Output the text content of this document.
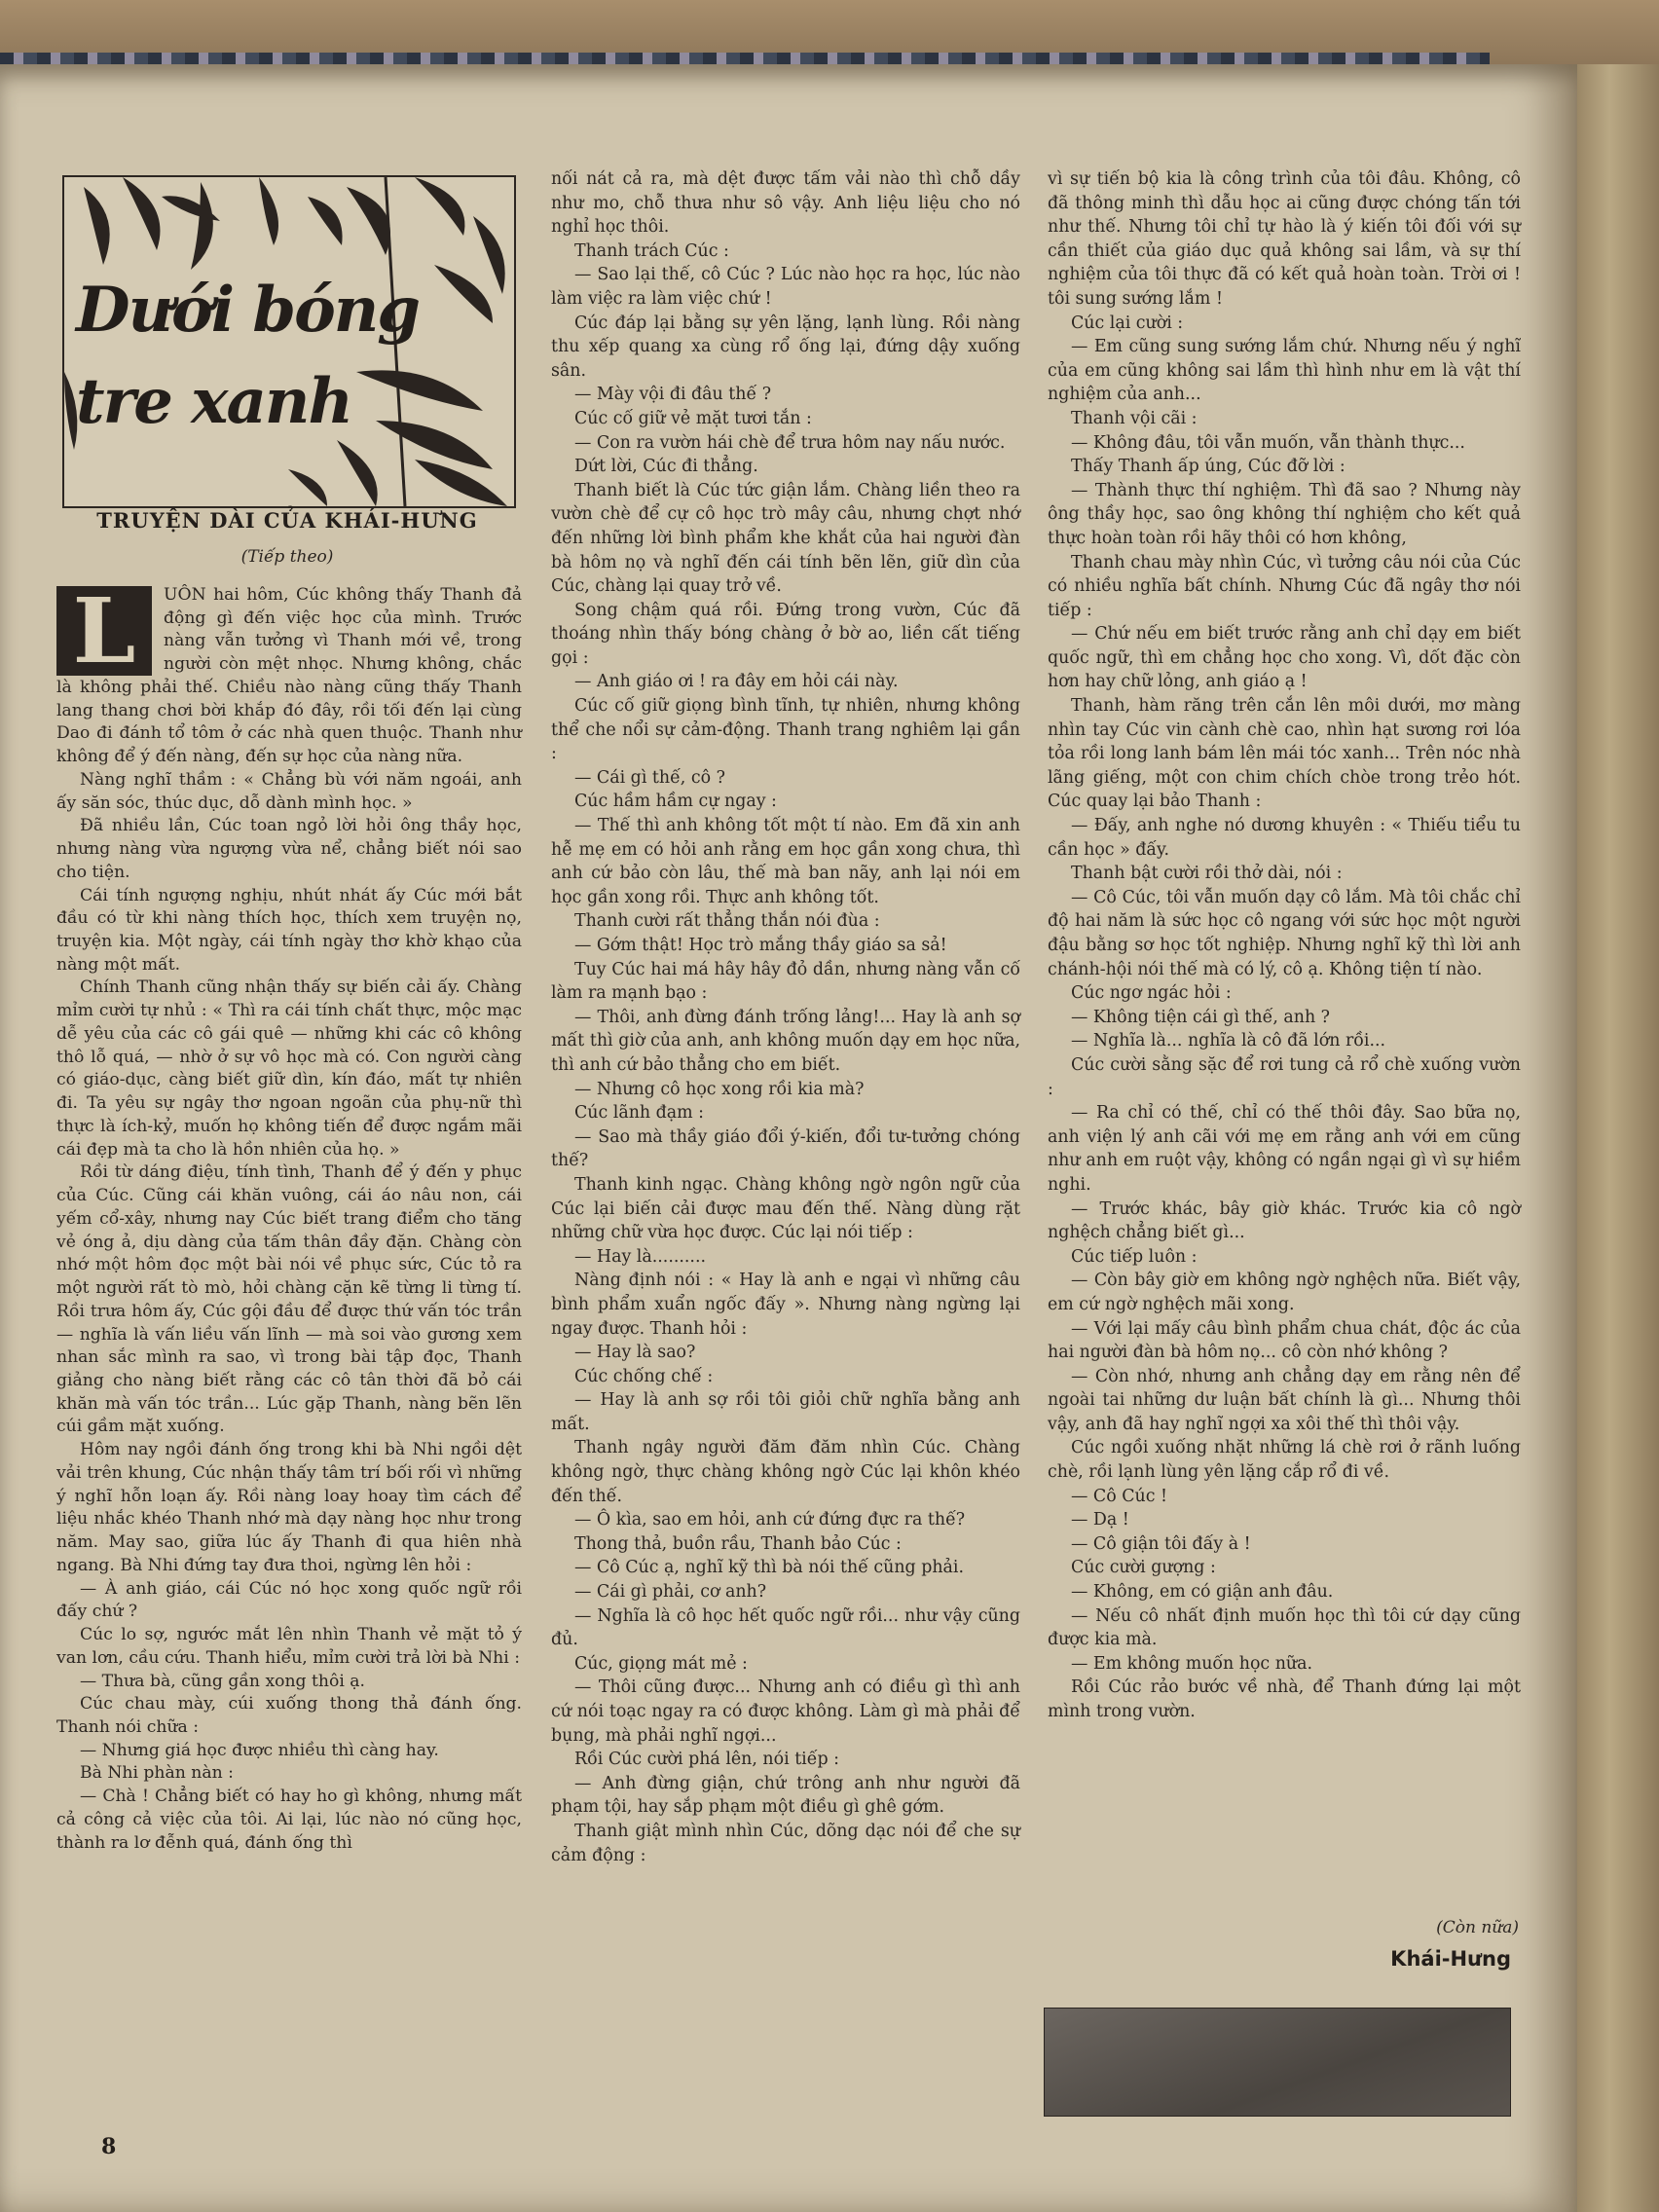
Dưới bóng tre xanh
TRUYỆN DÀI CỦA KHÁI-HƯNG
(Tiếp theo)
L	UÔN hai hôm, Cúc không thấy Thanh đả động gì đến việc học của mình. Trước nàng vẫn tưởng vì Thanh mới về, trong người còn mệt nhọc. Nhưng không, chắc là không phải thế. Chiều nào nàng cũng thấy Thanh lang thang chơi bời khắp đó đây, rồi tối đến lại cùng Dao đi đánh tổ tôm ở các nhà quen thuộc. Thanh như không để ý đến nàng, đến sự học của nàng nữa.

Nàng nghĩ thầm : « Chẳng bù với năm ngoái, anh ấy săn sóc, thúc dục, dỗ dành mình học. »

Đã nhiều lần, Cúc toan ngỏ lời hỏi ông thầy học, nhưng nàng vừa ngượng vừa nể, chẳng biết nói sao cho tiện.

Cái tính ngượng nghịu, nhút nhát ấy Cúc mới bắt đầu có từ khi nàng thích học, thích xem truyện nọ, truyện kia. Một ngày, cái tính ngày thơ khờ khạo của nàng một mất.

Chính Thanh cũng nhận thấy sự biến cải ấy. Chàng mỉm cười tự nhủ : « Thì ra cái tính chất thực, mộc mạc dễ yêu của các cô gái quê — những khi các cô không thô lỗ quá, — nhờ ở sự vô học mà có. Con người càng có giáo-dục, càng biết giữ dìn, kín đáo, mất tự nhiên đi. Ta yêu sự ngây thơ ngoan ngoãn của phụ-nữ thì thực là ích-kỷ, muốn họ không tiến để được ngắm mãi cái đẹp mà ta cho là hồn nhiên của họ. »

Rồi từ dáng điệu, tính tình, Thanh để ý đến y phục của Cúc. Cũng cái khăn vuông, cái áo nâu non, cái yếm cổ-xây, nhưng nay Cúc biết trang điểm cho tăng vẻ óng ả, dịu dàng của tấm thân đầy đặn. Chàng còn nhớ một hôm đọc một bài nói về phục sức, Cúc tỏ ra một người rất tò mò, hỏi chàng cặn kẽ từng li từng tí. Rồi trưa hôm ấy, Cúc gội đầu để được thứ vấn tóc trần — nghĩa là vấn liều vấn lĩnh — mà soi vào gương xem nhan sắc mình ra sao, vì trong bài tập đọc, Thanh giảng cho nàng biết rằng các cô tân thời đã bỏ cái khăn mà vấn tóc trần... Lúc gặp Thanh, nàng bẽn lẽn cúi gầm mặt xuống.

Hôm nay ngồi đánh ống trong khi bà Nhi ngồi dệt vải trên khung, Cúc nhận thấy tâm trí bối rối vì những ý nghĩ hỗn loạn ấy. Rồi nàng loay hoay tìm cách để liệu nhắc khéo Thanh nhớ mà dạy nàng học như trong năm. May sao, giữa lúc ấy Thanh đi qua hiên nhà ngang. Bà Nhi đứng tay đưa thoi, ngừng lên hỏi :

— À anh giáo, cái Cúc nó học xong quốc ngữ rồi đấy chứ ?

Cúc lo sợ, ngước mắt lên nhìn Thanh vẻ mặt tỏ ý van lơn, cầu cứu. Thanh hiểu, mỉm cười trả lời bà Nhi :

— Thưa bà, cũng gần xong thôi ạ.

Cúc chau mày, cúi xuống thong thả đánh ống. Thanh nói chữa :

— Nhưng giá học được nhiều thì càng hay.

Bà Nhi phàn nàn :

— Chà ! Chẳng biết có hay ho gì không, nhưng mất cả công cả việc của tôi. Ai lại, lúc nào nó cũng học, thành ra lơ đễnh quá, đánh ống thì

nối nát cả ra, mà dệt được tấm vải nào thì chỗ dầy như mo, chỗ thưa như sô vậy. Anh liệu liệu cho nó nghỉ học thôi.

Thanh trách Cúc :

— Sao lại thế, cô Cúc ? Lúc nào học ra học, lúc nào làm việc ra làm việc chứ !

Cúc đáp lại bằng sự yên lặng, lạnh lùng. Rồi nàng thu xếp quang xa cùng rổ ống lại, đứng dậy xuống sân.

— Mày vội đi đâu thế ?

Cúc cố giữ vẻ mặt tươi tắn :

— Con ra vườn hái chè để trưa hôm nay nấu nước.

Dứt lời, Cúc đi thẳng.

Thanh biết là Cúc tức giận lắm. Chàng liền theo ra vườn chè để cự cô học trò mây câu, nhưng chợt nhớ đến những lời bình phẩm khe khắt của hai người đàn bà hôm nọ và nghĩ đến cái tính bẽn lẽn, giữ dìn của Cúc, chàng lại quay trở về.

Song chậm quá rồi. Đứng trong vườn, Cúc đã thoáng nhìn thấy bóng chàng ở bờ ao, liền cất tiếng gọi :

— Anh giáo ơi ! ra đây em hỏi cái này.

Cúc cố giữ giọng bình tĩnh, tự nhiên, nhưng không thể che nổi sự cảm-động. Thanh trang nghiêm lại gần :

— Cái gì thế, cô ?

Cúc hầm hầm cự ngay :

— Thế thì anh không tốt một tí nào. Em đã xin anh hễ mẹ em có hỏi anh rằng em học gần xong chưa, thì anh cứ bảo còn lâu, thế mà ban nãy, anh lại nói em học gần xong rồi. Thực anh không tốt.

Thanh cười rất thẳng thắn nói đùa :

— Gớm thật! Học trò mắng thầy giáo sa sả!

Tuy Cúc hai má hây hây đỏ dần, nhưng nàng vẫn cố làm ra mạnh bạo :

— Thôi, anh đừng đánh trống lảng!... Hay là anh sợ mất thì giờ của anh, anh không muốn dạy em học nữa, thì anh cứ bảo thẳng cho em biết.

— Nhưng cô học xong rồi kia mà?

Cúc lãnh đạm :

— Sao mà thầy giáo đổi ý-kiến, đổi tư-tưởng chóng thế?

Thanh kinh ngạc. Chàng không ngờ ngôn ngữ của Cúc lại biến cải được mau đến thế. Nàng dùng rặt những chữ vừa học được. Cúc lại nói tiếp :

— Hay là..........

Nàng định nói : « Hay là anh e ngại vì những câu bình phẩm xuẩn ngốc đấy ». Nhưng nàng ngừng lại ngay được. Thanh hỏi :

— Hay là sao?

Cúc chống chế :

— Hay là anh sợ rồi tôi giỏi chữ nghĩa bằng anh mất.

Thanh ngây người đăm đăm nhìn Cúc. Chàng không ngờ, thực chàng không ngờ Cúc lại khôn khéo đến thế.

— Ô kìa, sao em hỏi, anh cứ đứng đực ra thế?

Thong thả, buồn rầu, Thanh bảo Cúc :

— Cô Cúc ạ, nghĩ kỹ thì bà nói thế cũng phải.

— Cái gì phải, cơ anh?

— Nghĩa là cô học hết quốc ngữ rồi... như vậy cũng đủ.

Cúc, giọng mát mẻ :

— Thôi cũng được... Nhưng anh có điều gì thì anh cứ nói toạc ngay ra có được không. Làm gì mà phải để bụng, mà phải nghĩ ngợi...

Rồi Cúc cười phá lên, nói tiếp :

— Anh đừng giận, chứ trông anh như người đã phạm tội, hay sắp phạm một điều gì ghê gớm.

Thanh giật mình nhìn Cúc, dõng dạc nói để che sự cảm động :

vì sự tiến bộ kia là công trình của tôi đâu. Không, cô đã thông minh thì dẫu học ai cũng được chóng tấn tới như thế. Nhưng tôi chỉ tự hào là ý kiến tôi đối với sự cần thiết của giáo dục quả không sai lầm, và sự thí nghiệm của tôi thực đã có kết quả hoàn toàn. Trời ơi ! tôi sung sướng lắm !

Cúc lại cười :

— Em cũng sung sướng lắm chứ. Nhưng nếu ý nghĩ của em cũng không sai lầm thì hình như em là vật thí nghiệm của anh...

Thanh vội cãi :

— Không đâu, tôi vẫn muốn, vẫn thành thực...

Thấy Thanh ấp úng, Cúc đỡ lời :

— Thành thực thí nghiệm. Thì đã sao ? Nhưng này ông thầy học, sao ông không thí nghiệm cho kết quả thực hoàn toàn rồi hãy thôi có hơn không,

Thanh chau mày nhìn Cúc, vì tưởng câu nói của Cúc có nhiều nghĩa bất chính. Nhưng Cúc đã ngây thơ nói tiếp :

— Chứ nếu em biết trước rằng anh chỉ dạy em biết quốc ngữ, thì em chẳng học cho xong. Vì, dốt đặc còn hơn hay chữ lỏng, anh giáo ạ !

Thanh, hàm răng trên cắn lên môi dưới, mơ màng nhìn tay Cúc vin cành chè cao, nhìn hạt sương rơi lóa tỏa rồi long lanh bám lên mái tóc xanh... Trên nóc nhà lãng giếng, một con chim chích chòe trong trẻo hót. Cúc quay lại bảo Thanh :

— Đấy, anh nghe nó dương khuyên : « Thiếu tiểu tu cần học » đấy.

Thanh bật cười rồi thở dài, nói :

— Cô Cúc, tôi vẫn muốn dạy cô lắm. Mà tôi chắc chỉ độ hai năm là sức học cô ngang với sức học một người đậu bằng sơ học tốt nghiệp. Nhưng nghĩ kỹ thì lời anh chánh-hội nói thế mà có lý, cô ạ. Không tiện tí nào.

Cúc ngơ ngác hỏi :

— Không tiện cái gì thế, anh ?

— Nghĩa là... nghĩa là cô đã lớn rồi...

Cúc cười sằng sặc để rơi tung cả rổ chè xuống vườn :

— Ra chỉ có thế, chỉ có thế thôi đây. Sao bữa nọ, anh viện lý anh cãi với mẹ em rằng anh với em cũng như anh em ruột vậy, không có ngần ngại gì vì sự hiềm nghi.

— Trước khác, bây giờ khác. Trước kia cô ngờ nghệch chẳng biết gì...

Cúc tiếp luôn :

— Còn bây giờ em không ngờ nghệch nữa. Biết vậy, em cứ ngờ nghệch mãi xong.

— Với lại mấy câu bình phẩm chua chát, độc ác của hai người đàn bà hôm nọ... cô còn nhớ không ?

— Còn nhớ, nhưng anh chẳng dạy em rằng nên để ngoài tai những dư luận bất chính là gì... Nhưng thôi vậy, anh đã hay nghĩ ngợi xa xôi thế thì thôi vậy.

Cúc ngồi xuống nhặt những lá chè rơi ở rãnh luống chè, rồi lạnh lùng yên lặng cắp rổ đi về.

— Cô Cúc !

— Dạ !

— Cô giận tôi đấy à !

Cúc cười gượng :

— Không, em có giận anh đâu.

— Nếu cô nhất định muốn học thì tôi cứ dạy cũng được kia mà.

— Em không muốn học nữa.

Rồi Cúc rảo bước về nhà, để Thanh đứng lại một mình trong vườn.

(Còn nữa)
Khái-Hưng
8
